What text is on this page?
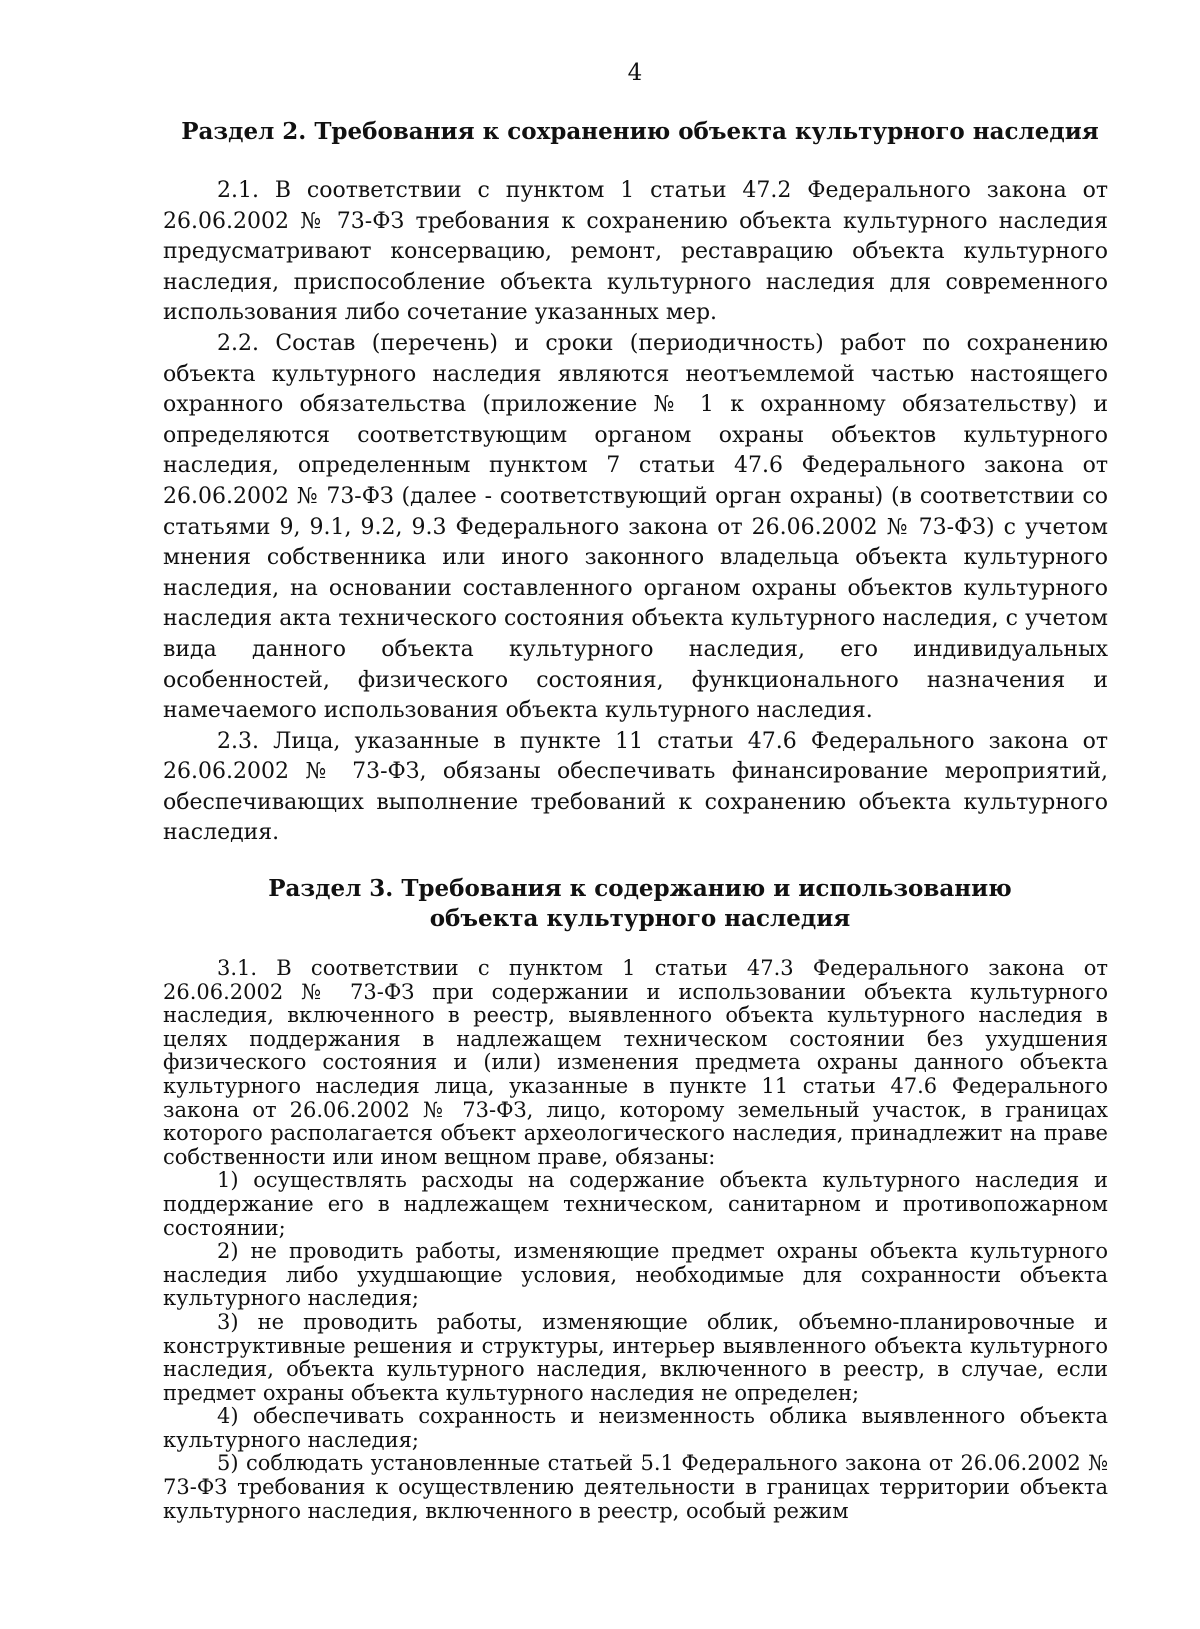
4
Раздел 2. Требования к сохранению объекта культурного наследия

2.1. В соответствии с пунктом 1 статьи 47.2 Федерального закона от 26.06.2002 № 73-ФЗ требования к сохранению объекта культурного наследия предусматривают консервацию, ремонт, реставрацию объекта культурного наследия, приспособление объекта культурного наследия для современного использования либо сочетание указанных мер.

2.2. Состав (перечень) и сроки (периодичность) работ по сохранению объекта культурного наследия являются неотъемлемой частью настоящего охранного обязательства (приложение № 1 к охранному обязательству) и определяются соответствующим органом охраны объектов культурного наследия, определенным пунктом 7 статьи 47.6 Федерального закона от 26.06.2002 № 73-ФЗ (далее - соответствующий орган охраны) (в соответствии со статьями 9, 9.1, 9.2, 9.3 Федерального закона от 26.06.2002 № 73-ФЗ) с учетом мнения собственника или иного законного владельца объекта культурного наследия, на основании составленного органом охраны объектов культурного наследия акта технического состояния объекта культурного наследия, с учетом вида данного объекта культурного наследия, его индивидуальных особенностей, физического состояния, функционального назначения и намечаемого использования объекта культурного наследия.

2.3. Лица, указанные в пункте 11 статьи 47.6 Федерального закона от 26.06.2002 № 73-ФЗ, обязаны обеспечивать финансирование мероприятий, обеспечивающих выполнение требований к сохранению объекта культурного наследия.

Раздел 3. Требования к содержанию и использованию
объекта культурного наследия

3.1. В соответствии с пунктом 1 статьи 47.3 Федерального закона от 26.06.2002 № 73-ФЗ при содержании и использовании объекта культурного наследия, включенного в реестр, выявленного объекта культурного наследия в целях поддержания в надлежащем техническом состоянии без ухудшения физического состояния и (или) изменения предмета охраны данного объекта культурного наследия лица, указанные в пункте 11 статьи 47.6 Федерального закона от 26.06.2002 № 73-ФЗ, лицо, которому земельный участок, в границах которого располагается объект археологического наследия, принадлежит на праве собственности или ином вещном праве, обязаны:

1) осуществлять расходы на содержание объекта культурного наследия и поддержание его в надлежащем техническом, санитарном и противопожарном состоянии;

2) не проводить работы, изменяющие предмет охраны объекта культурного наследия либо ухудшающие условия, необходимые для сохранности объекта культурного наследия;

3) не проводить работы, изменяющие облик, объемно-планировочные и конструктивные решения и структуры, интерьер выявленного объекта культурного наследия, объекта культурного наследия, включенного в реестр, в случае, если предмет охраны объекта культурного наследия не определен;

4) обеспечивать сохранность и неизменность облика выявленного объекта культурного наследия;

5) соблюдать установленные статьей 5.1 Федерального закона от 26.06.2002 № 73-ФЗ требования к осуществлению деятельности в границах территории объекта культурного наследия, включенного в реестр, особый режим
